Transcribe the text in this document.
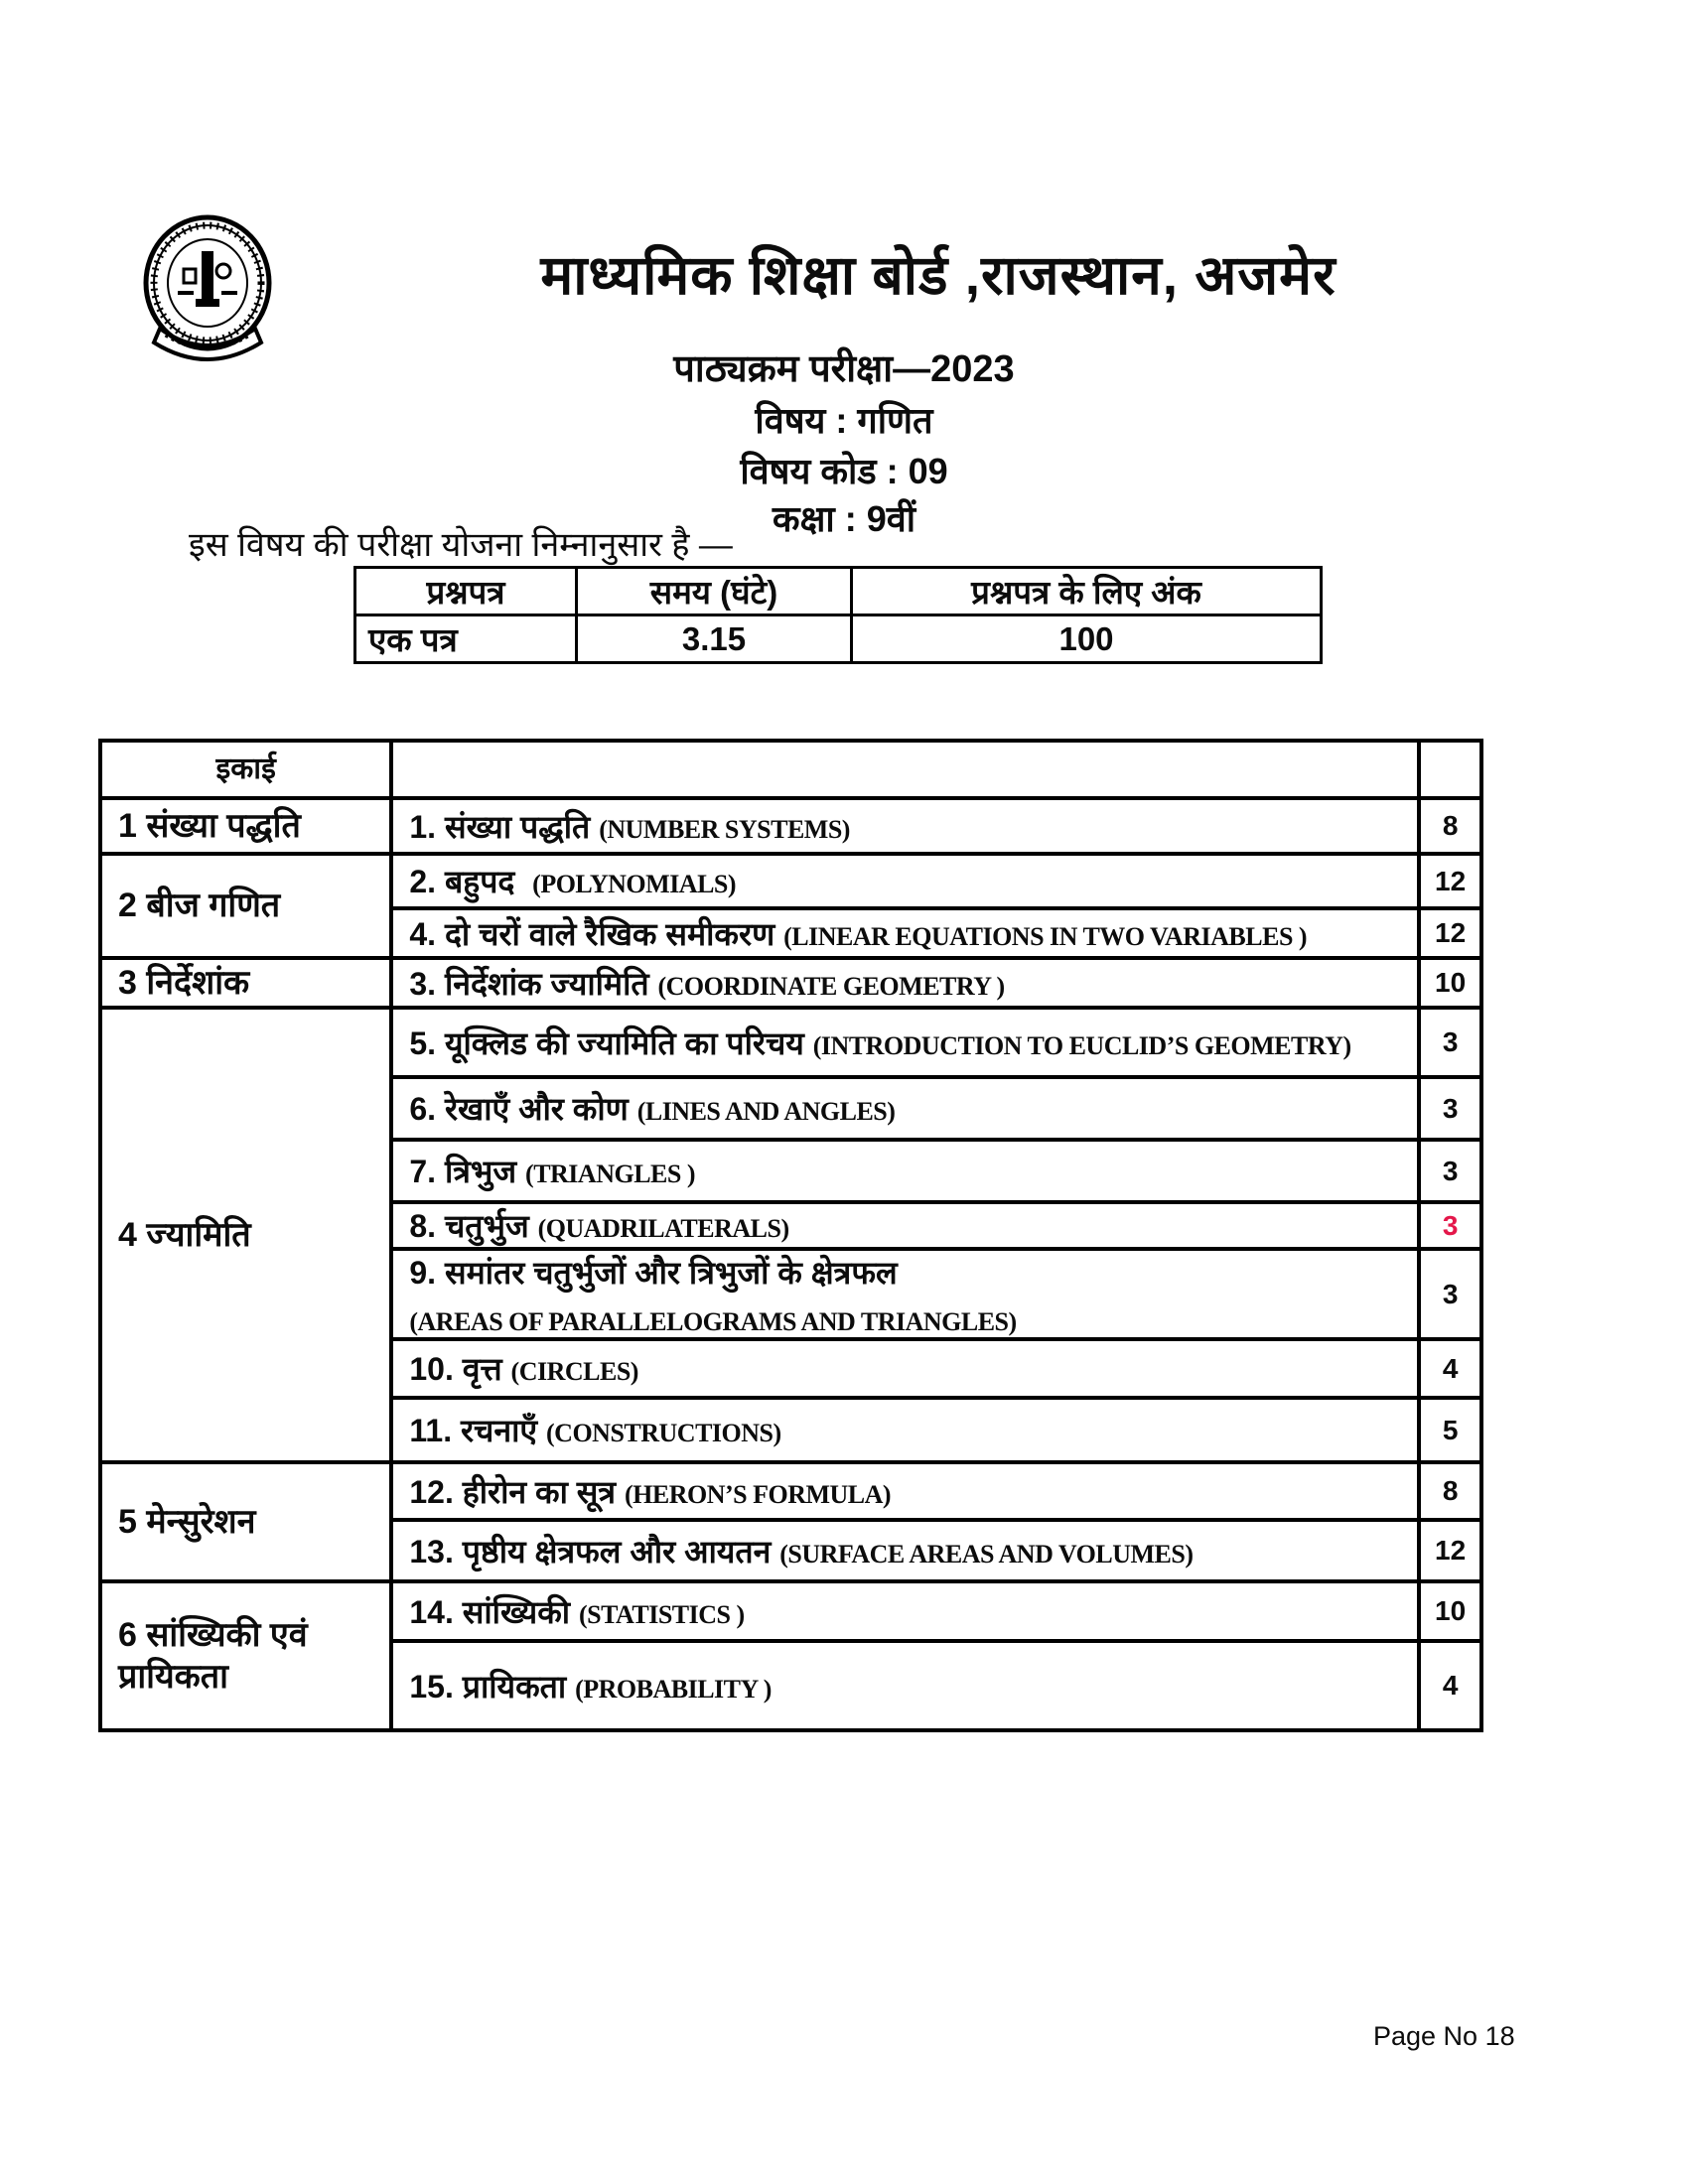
माध्यमिक शिक्षा बोर्ड ,राजस्थान, अजमेर
पाठ्यक्रम परीक्षा—2023
विषय : गणित
विषय कोड : 09
कक्षा : 9वीं
इस विषय की परीक्षा योजना निम्नानुसार है —
प्रश्नपत्र	समय (घंटे)	प्रश्नपत्र के लिए अंक
एक पत्र	3.15	100
इकाई		
1 संख्या पद्धति	1. संख्या पद्धति (NUMBER SYSTEMS)	8
2 बीज गणित	2. बहुपद (POLYNOMIALS)	12
	4. दो चरों वाले रैखिक समीकरण (LINEAR EQUATIONS IN TWO VARIABLES )	12
3 निर्देशांक	3. निर्देशांक ज्यामिति (COORDINATE GEOMETRY )	10
4 ज्यामिति	5. यूक्लिड की ज्यामिति का परिचय (INTRODUCTION TO EUCLID’S GEOMETRY)	3
	6. रेखाएँ और कोण (LINES AND ANGLES)	3
	7. त्रिभुज (TRIANGLES )	3
	8. चतुर्भुज (QUADRILATERALS)	3
	9. समांतर चतुर्भुजों और त्रिभुजों के क्षेत्रफल
(AREAS OF PARALLELOGRAMS AND TRIANGLES)	3
	10. वृत्त (CIRCLES)	4
	11. रचनाएँ (CONSTRUCTIONS)	5
5 मेन्सुरेशन	12. हीरोन का सूत्र (HERON’S FORMULA)	8
	13. पृष्ठीय क्षेत्रफल और आयतन (SURFACE AREAS AND VOLUMES)	12
6 सांख्यिकी एवं प्रायिकता	14. सांख्यिकी (STATISTICS )	10
	15. प्रायिकता (PROBABILITY )	4
Page No 18
